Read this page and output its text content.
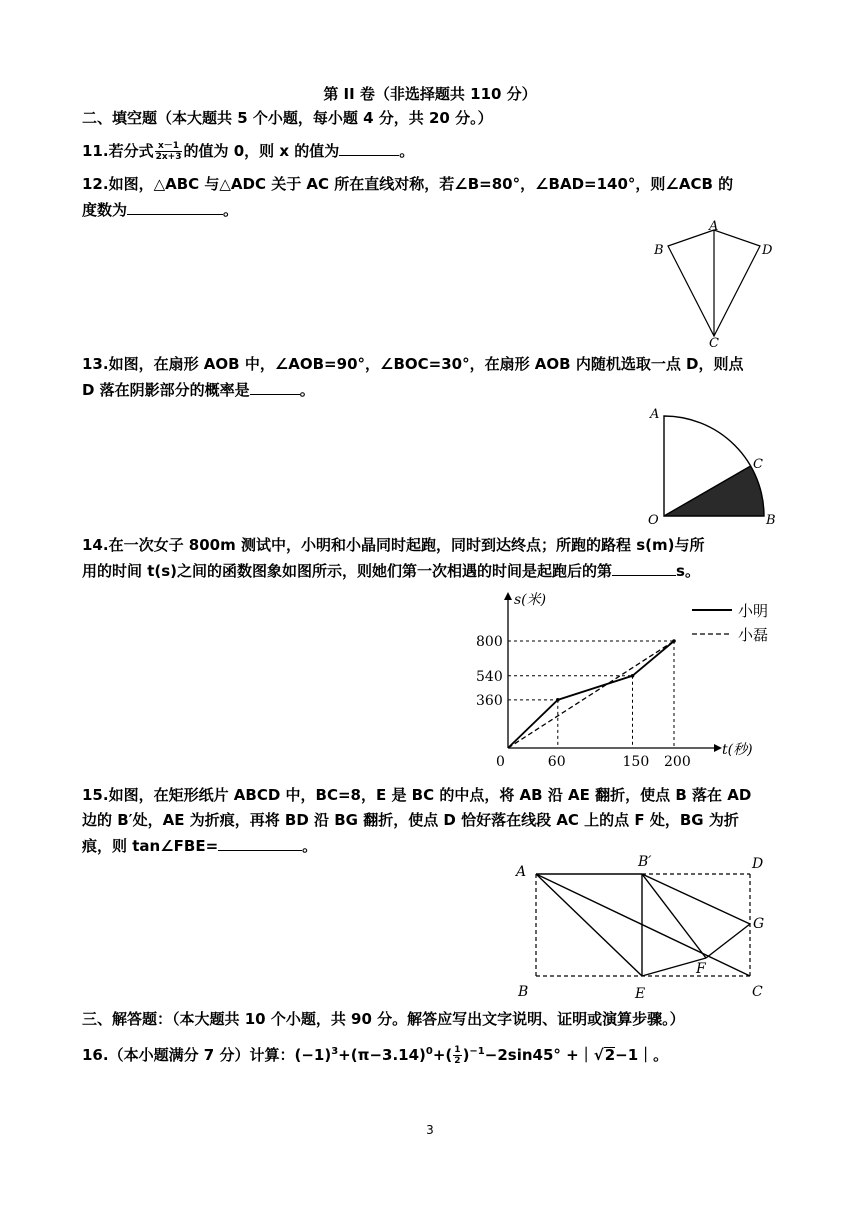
第 II 卷（非选择题共 110 分）
二、填空题（本大题共 5 个小题，每小题 4 分，共 20 分。）
11.若分式 $\frac{x-1}{2x+3}$ 的值为 0，则 x 的值为	。
12.如图，△ABC 与△ADC 关于 AC 所在直线对称，若∠B=80°，∠BAD=140°，则∠ACB 的
度数为	。
A
B	D
C
13.如图，在扇形 AOB 中，∠AOB=90°，∠BOC=30°，在扇形 AOB 内随机选取一点 D，则点
D 落在阴影部分的概率是	。
A
O	B
C
14.在一次女子 800m 测试中，小明和小晶同时起跑，同时到达终点；所跑的路程 s(m)与所
用的时间 t(s)之间的函数图象如图所示，则她们第一次相遇的时间是起跑后的第	s。
s(米)
t(秒)
0	60	150 200
360
540
800
小明
小磊
15.如图，在矩形纸片 ABCD 中，BC=8，E 是 BC 的中点，将 AB 沿 AE 翻折，使点 B 落在 AD
边的 B′处，AE 为折痕，再将 BD 沿 BG 翻折，使点 D 恰好落在线段 AC 上的点 F 处，BG 为折
痕，则 tan∠FBE=	。
A
B′	D
G
F
B	E	C
三、解答题：（本大题共 10 个小题，共 90 分。解答应写出文字说明、证明或演算步骤。）
16.（本小题满分 7 分）计算：$(-1)^3+(\pi-3.14)^0+( \frac{1}{2} )^{-1}-2\sin 45^\circ$ +｜√2−1｜。
3
